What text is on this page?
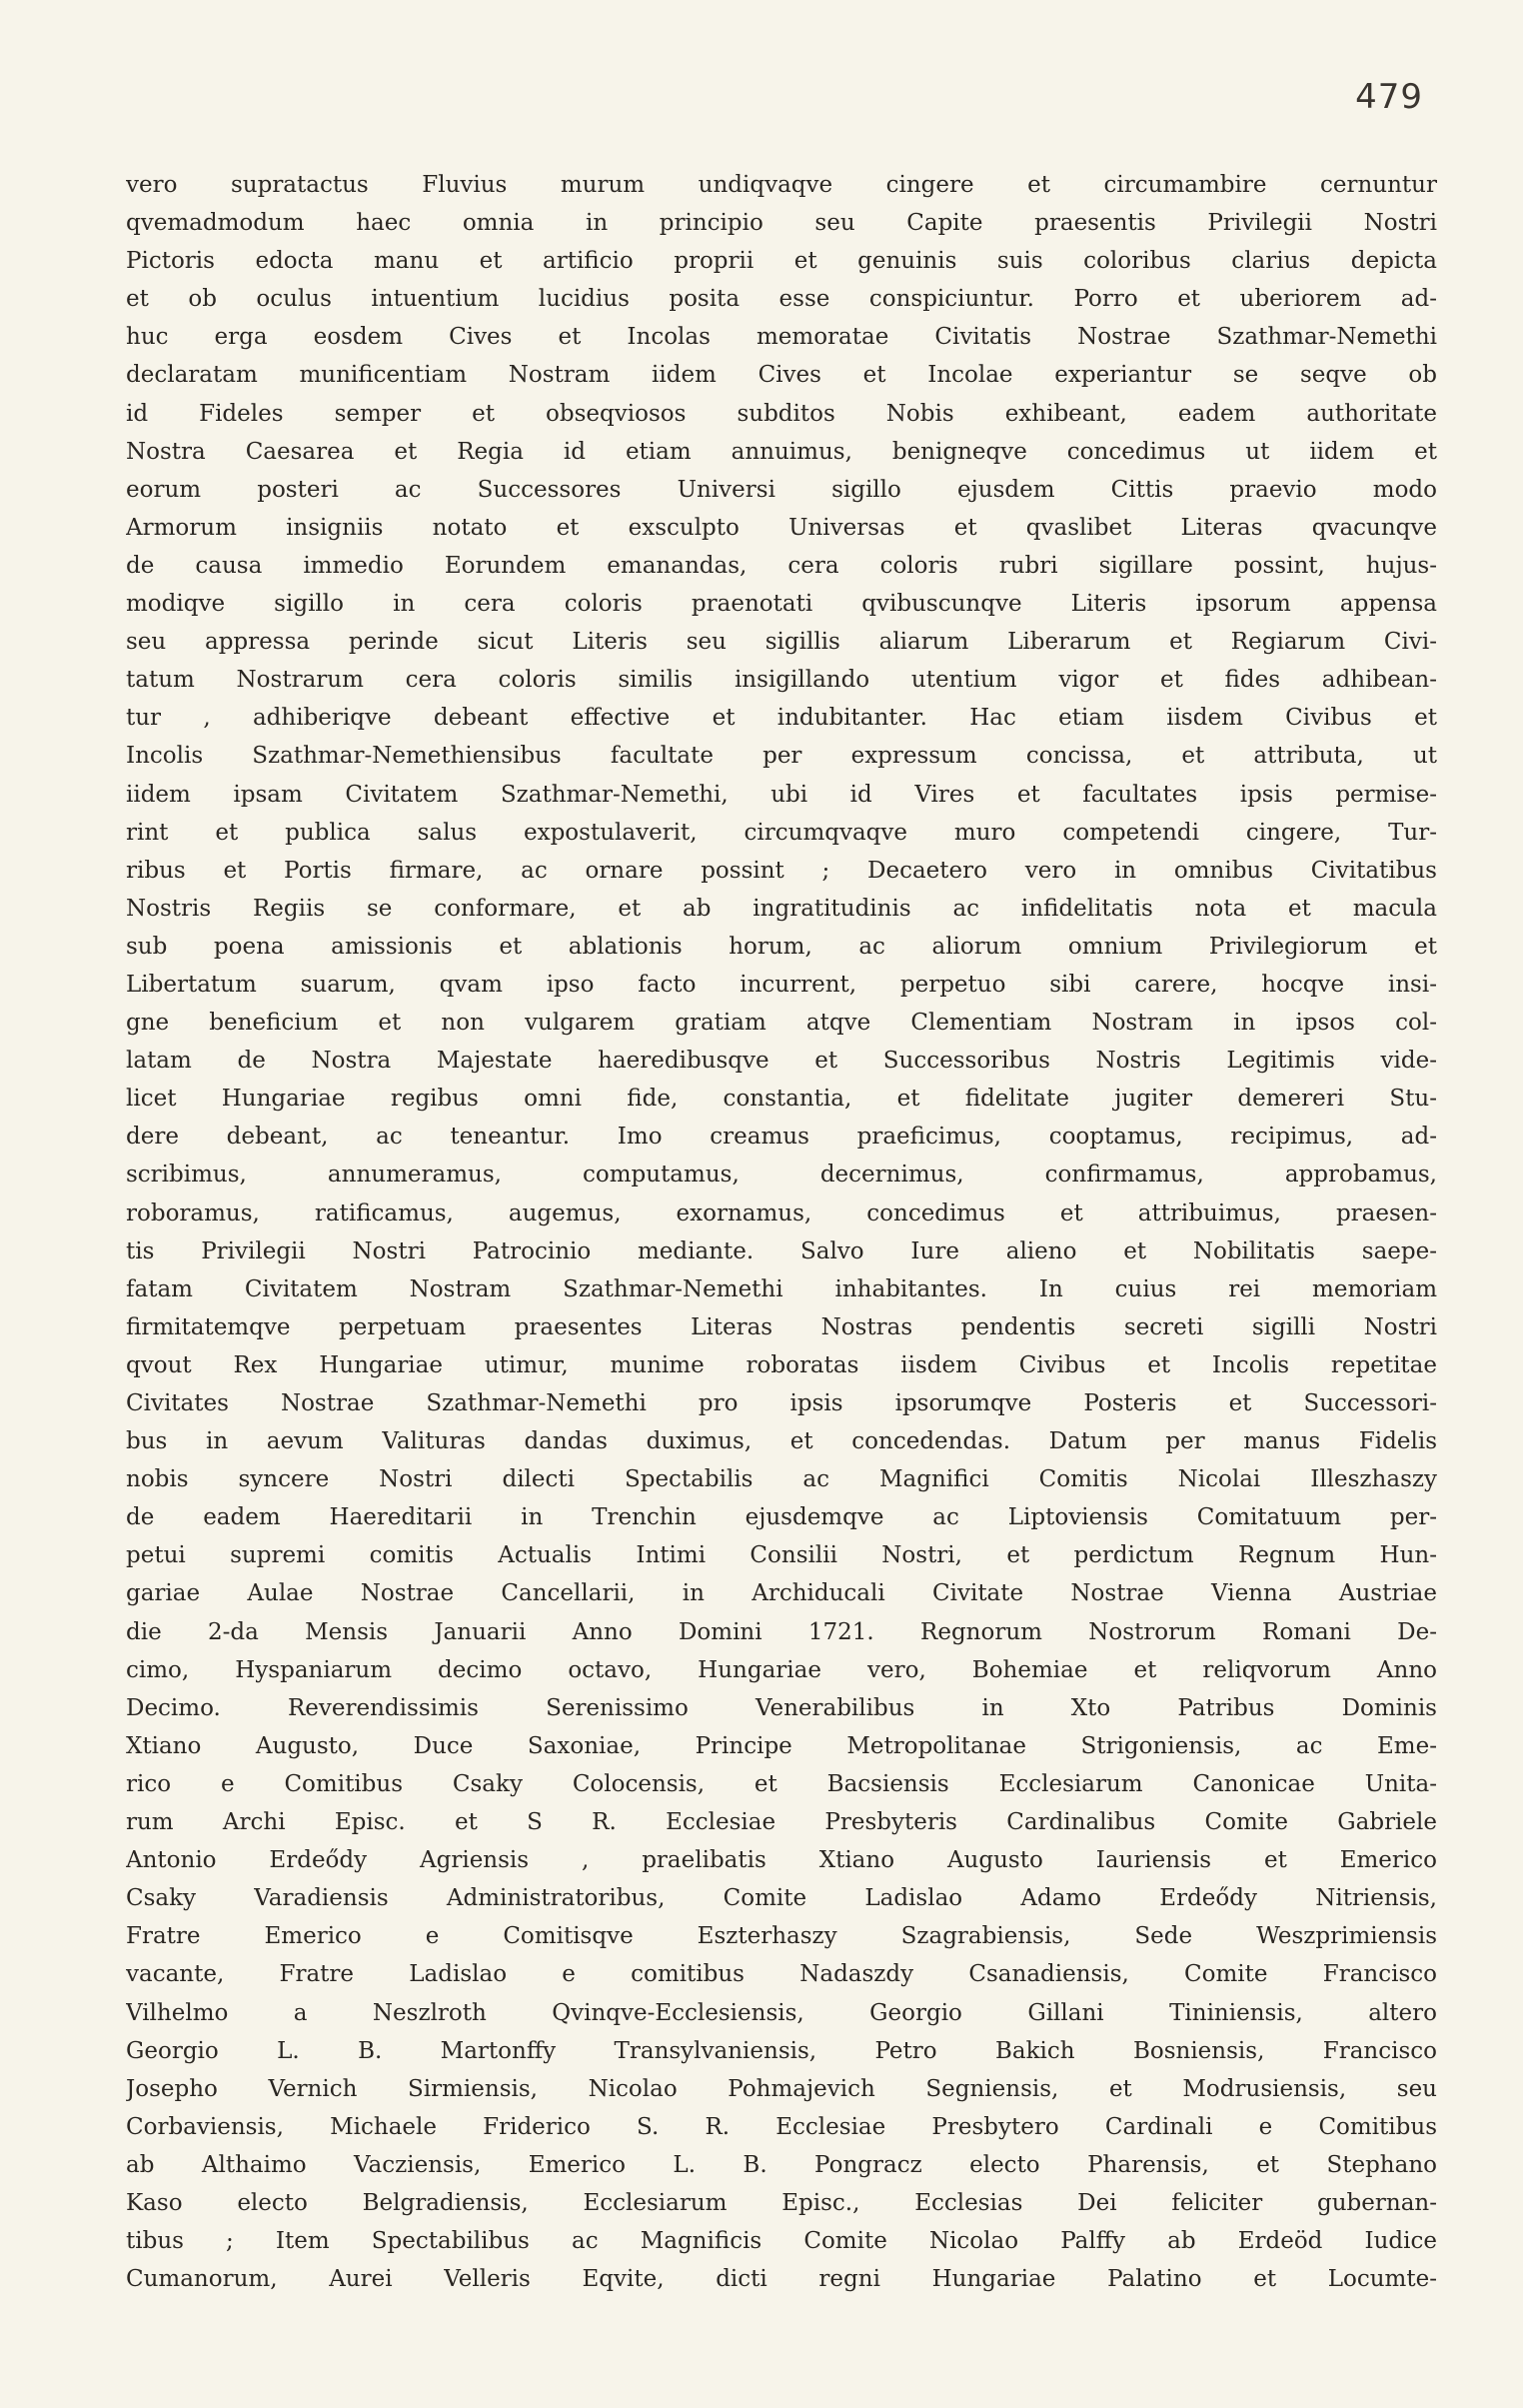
479
vero supratactus Fluvius murum undiqvaqve cingere et circumambire cernuntur
qvemadmodum haec omnia in principio seu Capite praesentis Privilegii Nostri
Pictoris edocta manu et artificio proprii et genuinis suis coloribus clarius depicta
et ob oculus intuentium lucidius posita esse conspiciuntur. Porro et uberiorem ad-
huc erga eosdem Cives et Incolas memoratae Civitatis Nostrae Szathmar-Nemethi
declaratam munificentiam Nostram iidem Cives et Incolae experiantur se seqve ob
id Fideles semper et obseqviosos subditos Nobis exhibeant, eadem authoritate
Nostra Caesarea et Regia id etiam annuimus, benigneqve concedimus ut iidem et
eorum posteri ac Successores Universi sigillo ejusdem Cittis praevio modo
Armorum insigniis notato et exsculpto Universas et qvaslibet Literas qvacunqve
de causa immedio Eorundem emanandas, cera coloris rubri sigillare possint, hujus-
modiqve sigillo in cera coloris praenotati qvibuscunqve Literis ipsorum appensa
seu appressa perinde sicut Literis seu sigillis aliarum Liberarum et Regiarum Civi-
tatum Nostrarum cera coloris similis insigillando utentium vigor et fides adhibean-
tur , adhiberiqve debeant effective et indubitanter. Hac etiam iisdem Civibus et
Incolis Szathmar-Nemethiensibus facultate per expressum concissa, et attributa, ut
iidem ipsam Civitatem Szathmar-Nemethi, ubi id Vires et facultates ipsis permise-
rint et publica salus expostulaverit, circumqvaqve muro competendi cingere, Tur-
ribus et Portis firmare, ac ornare possint ; Decaetero vero in omnibus Civitatibus
Nostris Regiis se conformare, et ab ingratitudinis ac infidelitatis nota et macula
sub poena amissionis et ablationis horum, ac aliorum omnium Privilegiorum et
Libertatum suarum, qvam ipso facto incurrent, perpetuo sibi carere, hocqve insi-
gne beneficium et non vulgarem gratiam atqve Clementiam Nostram in ipsos col-
latam de Nostra Majestate haeredibusqve et Successoribus Nostris Legitimis vide-
licet Hungariae regibus omni fide, constantia, et fidelitate jugiter demereri Stu-
dere debeant, ac teneantur. Imo creamus praeficimus, cooptamus, recipimus, ad-
scribimus, annumeramus, computamus, decernimus, confirmamus, approbamus,
roboramus, ratificamus, augemus, exornamus, concedimus et attribuimus, praesen-
tis Privilegii Nostri Patrocinio mediante. Salvo Iure alieno et Nobilitatis saepe-
fatam Civitatem Nostram Szathmar-Nemethi inhabitantes. In cuius rei memoriam
firmitatemqve perpetuam praesentes Literas Nostras pendentis secreti sigilli Nostri
qvout Rex Hungariae utimur, munime roboratas iisdem Civibus et Incolis repetitae
Civitates Nostrae Szathmar-Nemethi pro ipsis ipsorumqve Posteris et Successori-
bus in aevum Valituras dandas duximus, et concedendas. Datum per manus Fidelis
nobis syncere Nostri dilecti Spectabilis ac Magnifici Comitis Nicolai Illeszhaszy
de eadem Haereditarii in Trenchin ejusdemqve ac Liptoviensis Comitatuum per-
petui supremi comitis Actualis Intimi Consilii Nostri, et perdictum Regnum Hun-
gariae Aulae Nostrae Cancellarii, in Archiducali Civitate Nostrae Vienna Austriae
die 2-da Mensis Januarii Anno Domini 1721. Regnorum Nostrorum Romani De-
cimo, Hyspaniarum decimo octavo, Hungariae vero, Bohemiae et reliqvorum Anno
Decimo. Reverendissimis Serenissimo Venerabilibus in Xto Patribus Dominis
Xtiano Augusto, Duce Saxoniae, Principe Metropolitanae Strigoniensis, ac Eme-
rico e Comitibus Csaky Colocensis, et Bacsiensis Ecclesiarum Canonicae Unita-
rum Archi Episc. et S R. Ecclesiae Presbyteris Cardinalibus Comite Gabriele
Antonio Erdeődy Agriensis , praelibatis Xtiano Augusto Iauriensis et Emerico
Csaky Varadiensis Administratoribus, Comite Ladislao Adamo Erdeődy Nitriensis,
Fratre Emerico e Comitisqve Eszterhaszy Szagrabiensis, Sede Weszprimiensis
vacante, Fratre Ladislao e comitibus Nadaszdy Csanadiensis, Comite Francisco
Vilhelmo a Neszlroth Qvinqve-Ecclesiensis, Georgio Gillani Tininiensis, altero
Georgio L. B. Martonffy Transylvaniensis, Petro Bakich Bosniensis, Francisco
Josepho Vernich Sirmiensis, Nicolao Pohmajevich Segniensis, et Modrusiensis, seu
Corbaviensis, Michaele Friderico S. R. Ecclesiae Presbytero Cardinali e Comitibus
ab Althaimo Vacziensis, Emerico L. B. Pongracz electo Pharensis, et Stephano
Kaso electo Belgradiensis, Ecclesiarum Episc., Ecclesias Dei feliciter gubernan-
tibus ; Item Spectabilibus ac Magnificis Comite Nicolao Palffy ab Erdeöd Iudice
Cumanorum, Aurei Velleris Eqvite, dicti regni Hungariae Palatino et Locumte-
